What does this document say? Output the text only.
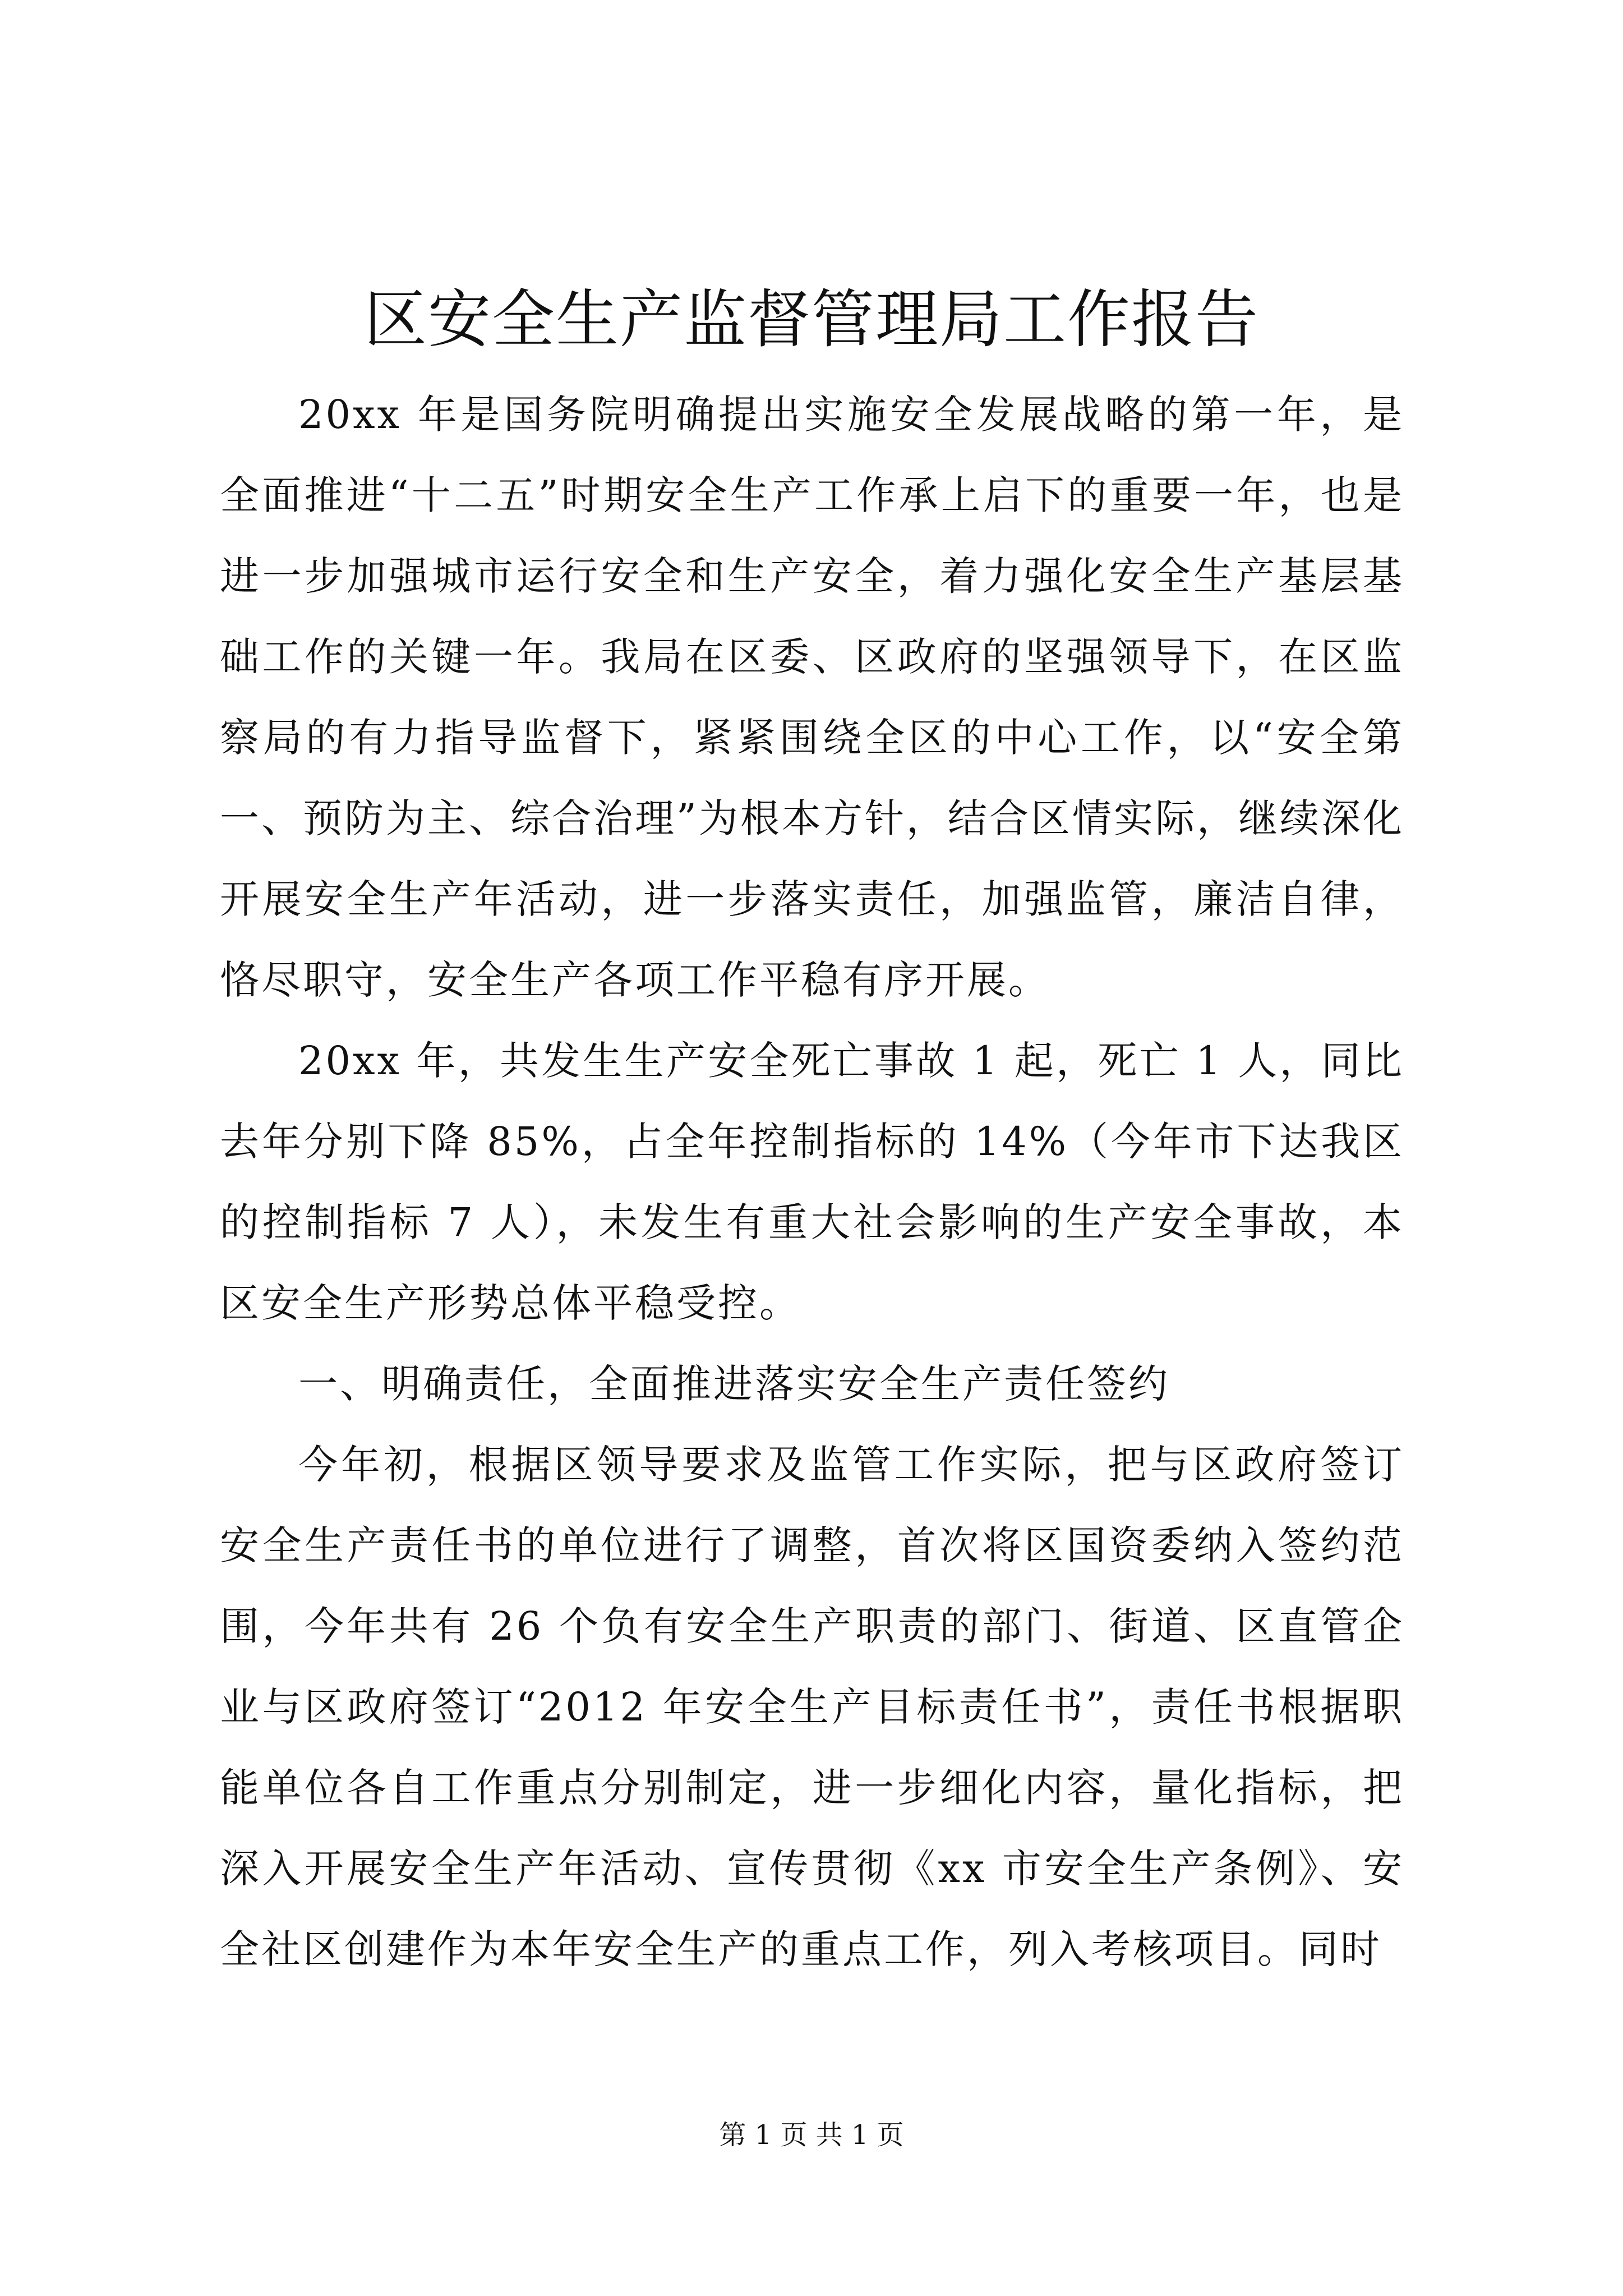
区安全生产监督管理局工作报告

20xx 年是国务院明确提出实施安全发展战略的第一年，是全面推进“十二五”时期安全生产工作承上启下的重要一年，也是进一步加强城市运行安全和生产安全，着力强化安全生产基层基础工作的关键一年。我局在区委、区政府的坚强领导下，在区监察局的有力指导监督下，紧紧围绕全区的中心工作，以“安全第一、预防为主、综合治理”为根本方针，结合区情实际，继续深化开展安全生产年活动，进一步落实责任，加强监管，廉洁自律，恪尽职守，安全生产各项工作平稳有序开展。

20xx 年，共发生生产安全死亡事故 1 起，死亡 1 人，同比去年分别下降 85%，占全年控制指标的 14%（今年市下达我区的控制指标 7 人），未发生有重大社会影响的生产安全事故，本区安全生产形势总体平稳受控。

一、明确责任，全面推进落实安全生产责任签约

今年初，根据区领导要求及监管工作实际，把与区政府签订安全生产责任书的单位进行了调整，首次将区国资委纳入签约范围，今年共有 26 个负有安全生产职责的部门、街道、区直管企业与区政府签订“2012 年安全生产目标责任书”，责任书根据职能单位各自工作重点分别制定，进一步细化内容，量化指标，把深入开展安全生产年活动、宣传贯彻《xx 市安全生产条例》、安全社区创建作为本年安全生产的重点工作，列入考核项目。同时

第 1 页 共 1 页
